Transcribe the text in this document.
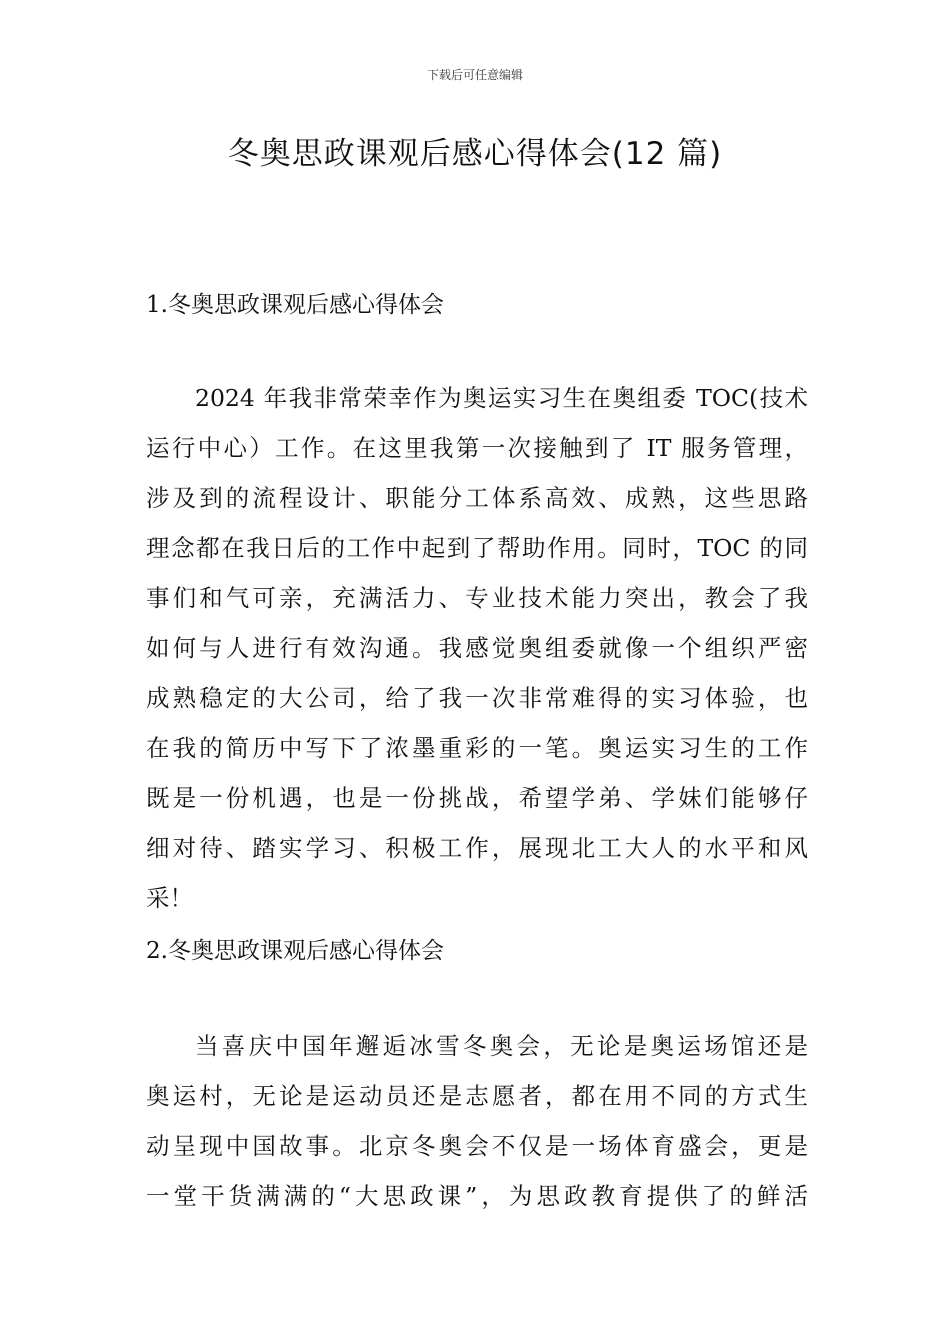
下载后可任意编辑
冬奥思政课观后感心得体会(12 篇)
1.冬奥思政课观后感心得体会
2024 年我非常荣幸作为奥运实习生在奥组委 TOC(技术
运行中心）工作。在这里我第一次接触到了 IT 服务管理，
涉及到的流程设计、职能分工体系高效、成熟，这些思路
理念都在我日后的工作中起到了帮助作用。同时，TOC 的同
事们和气可亲，充满活力、专业技术能力突出，教会了我
如何与人进行有效沟通。我感觉奥组委就像一个组织严密
成熟稳定的大公司，给了我一次非常难得的实习体验，也
在我的简历中写下了浓墨重彩的一笔。奥运实习生的工作
既是一份机遇，也是一份挑战，希望学弟、学妹们能够仔
细对待、踏实学习、积极工作，展现北工大人的水平和风
采！
2.冬奥思政课观后感心得体会
当喜庆中国年邂逅冰雪冬奥会，无论是奥运场馆还是
奥运村，无论是运动员还是志愿者，都在用不同的方式生
动呈现中国故事。北京冬奥会不仅是一场体育盛会，更是
一堂干货满满的“大思政课”，为思政教育提供了的鲜活
